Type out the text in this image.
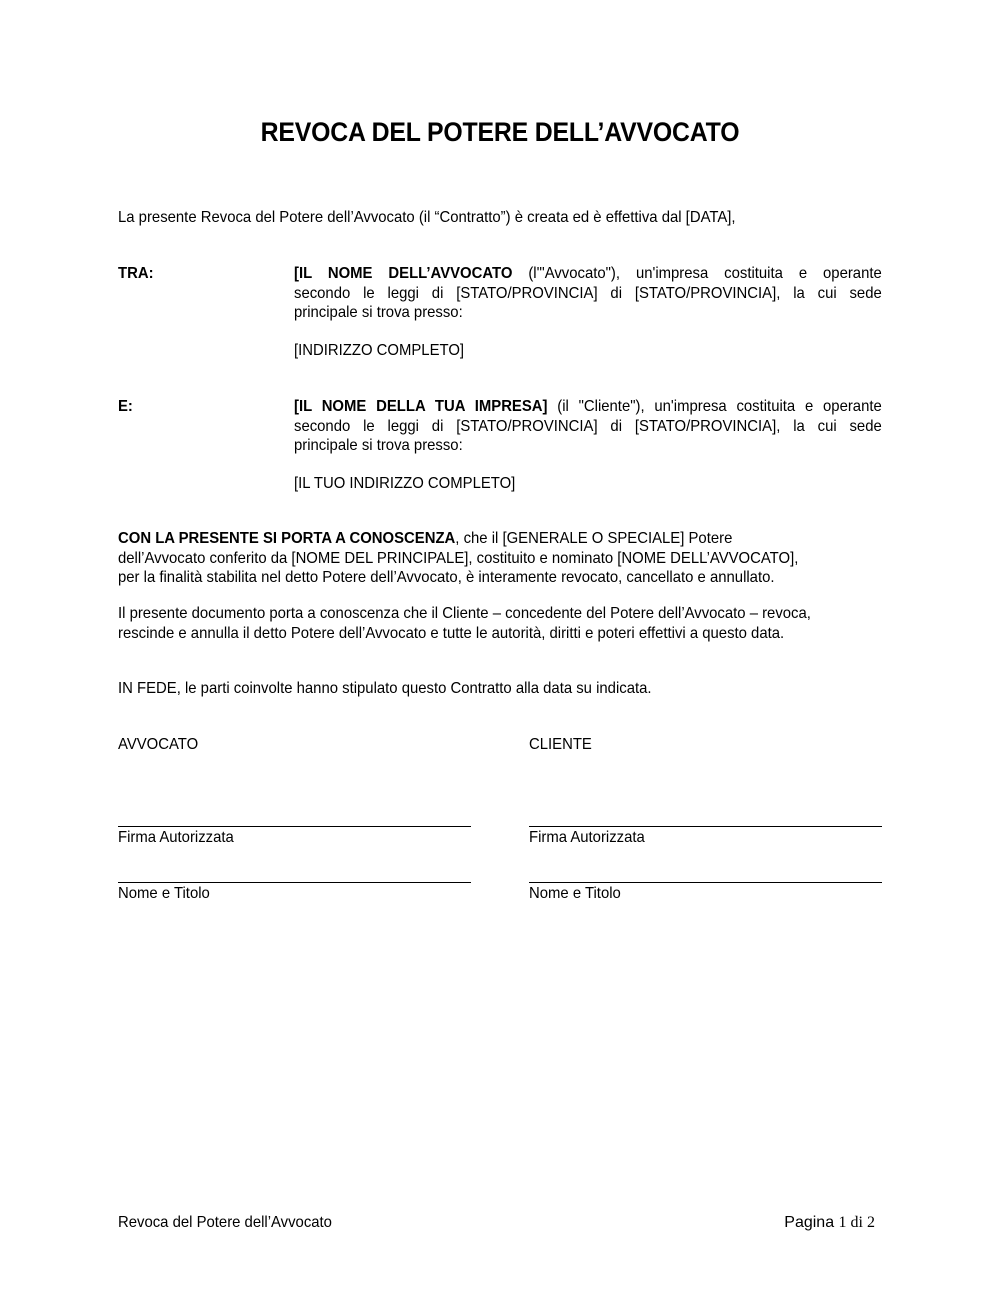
REVOCA DEL POTERE DELL’AVVOCATO
La presente Revoca del Potere dell’Avvocato (il “Contratto”) è creata ed è effettiva dal [DATA],
TRA:	[IL NOME DELL’AVVOCATO (l'"Avvocato"), un'impresa costituita e operante
secondo le leggi di [STATO/PROVINCIA] di [STATO/PROVINCIA], la cui sede
principale si trova presso:
[INDIRIZZO COMPLETO]
E:	[IL NOME DELLA TUA IMPRESA] (il "Cliente"), un'impresa costituita e operante
secondo le leggi di [STATO/PROVINCIA] di [STATO/PROVINCIA], la cui sede
principale si trova presso:
[IL TUO INDIRIZZO COMPLETO]
CON LA PRESENTE SI PORTA A CONOSCENZA, che il [GENERALE O SPECIALE] Potere
dell’Avvocato conferito da [NOME DEL PRINCIPALE], costituito e nominato [NOME DELL’AVVOCATO],
per la finalità stabilita nel detto Potere dell’Avvocato, è interamente revocato, cancellato e annullato.
Il presente documento porta a conoscenza che il Cliente – concedente del Potere dell’Avvocato – revoca,
rescinde e annulla il detto Potere dell’Avvocato e tutte le autorità, diritti e poteri effettivi a questo data.
IN FEDE, le parti coinvolte hanno stipulato questo Contratto alla data su indicata.
AVVOCATO
Firma Autorizzata
Nome e Titolo
CLIENTE
Firma Autorizzata
Nome e Titolo
Revoca del Potere dell’Avvocato	Pagina 1 di 2
